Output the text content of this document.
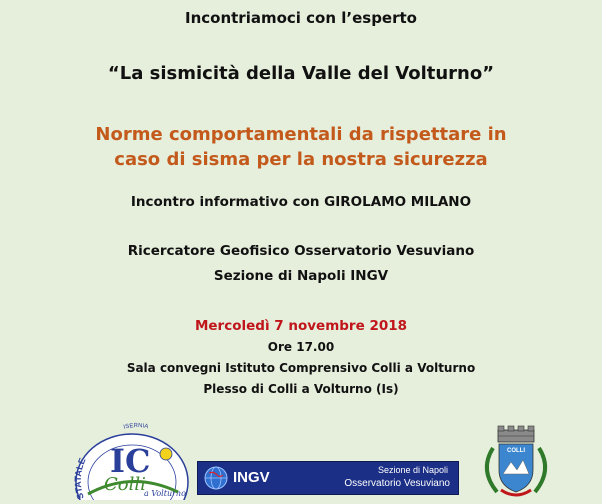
Incontriamoci con l’esperto
“La sismicità della Valle del Volturno”
Norme comportamentali da rispettare in
caso di sisma per la nostra sicurezza
Incontro informativo con GIROLAMO MILANO
Ricercatore Geofisico Osservatorio Vesuviano
Sezione di Napoli INGV
Mercoledì 7 novembre 2018
Ore 17.00
Sala convegni Istituto Comprensivo Colli a Volturno
Plesso di Colli a Volturno (Is)
STATALE
ISERNIA
IC
Colli
a Volturno
INGV	Sezione di Napoli
Osservatorio Vesuviano
COLLI
